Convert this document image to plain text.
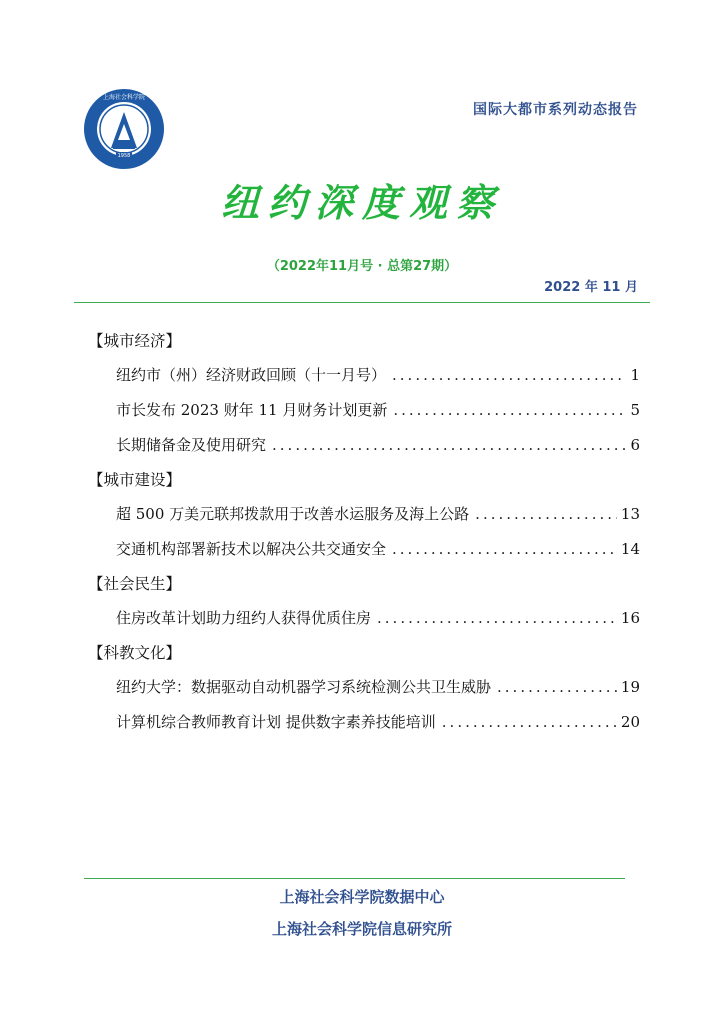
1958
上海社会科学院
国际大都市系列动态报告
纽约深度观察
（2022年11月号 · 总第27期）
2022 年 11 月
【城市经济】
纽约市（州）经济财政回顾（十一月号） .....	1
市长发布 2023 财年 11 月财务计划更新 .....	5
长期储备金及使用研究 .....	6
【城市建设】
超 500 万美元联邦拨款用于改善水运服务及海上公路 .....	13
交通机构部署新技术以解决公共交通安全 .....	14
【社会民生】
住房改革计划助力纽约人获得优质住房 .....	16
【科教文化】
纽约大学：数据驱动自动机器学习系统检测公共卫生威胁 .....	19
计算机综合教师教育计划 提供数字素养技能培训 .....	20
上海社会科学院数据中心
上海社会科学院信息研究所
